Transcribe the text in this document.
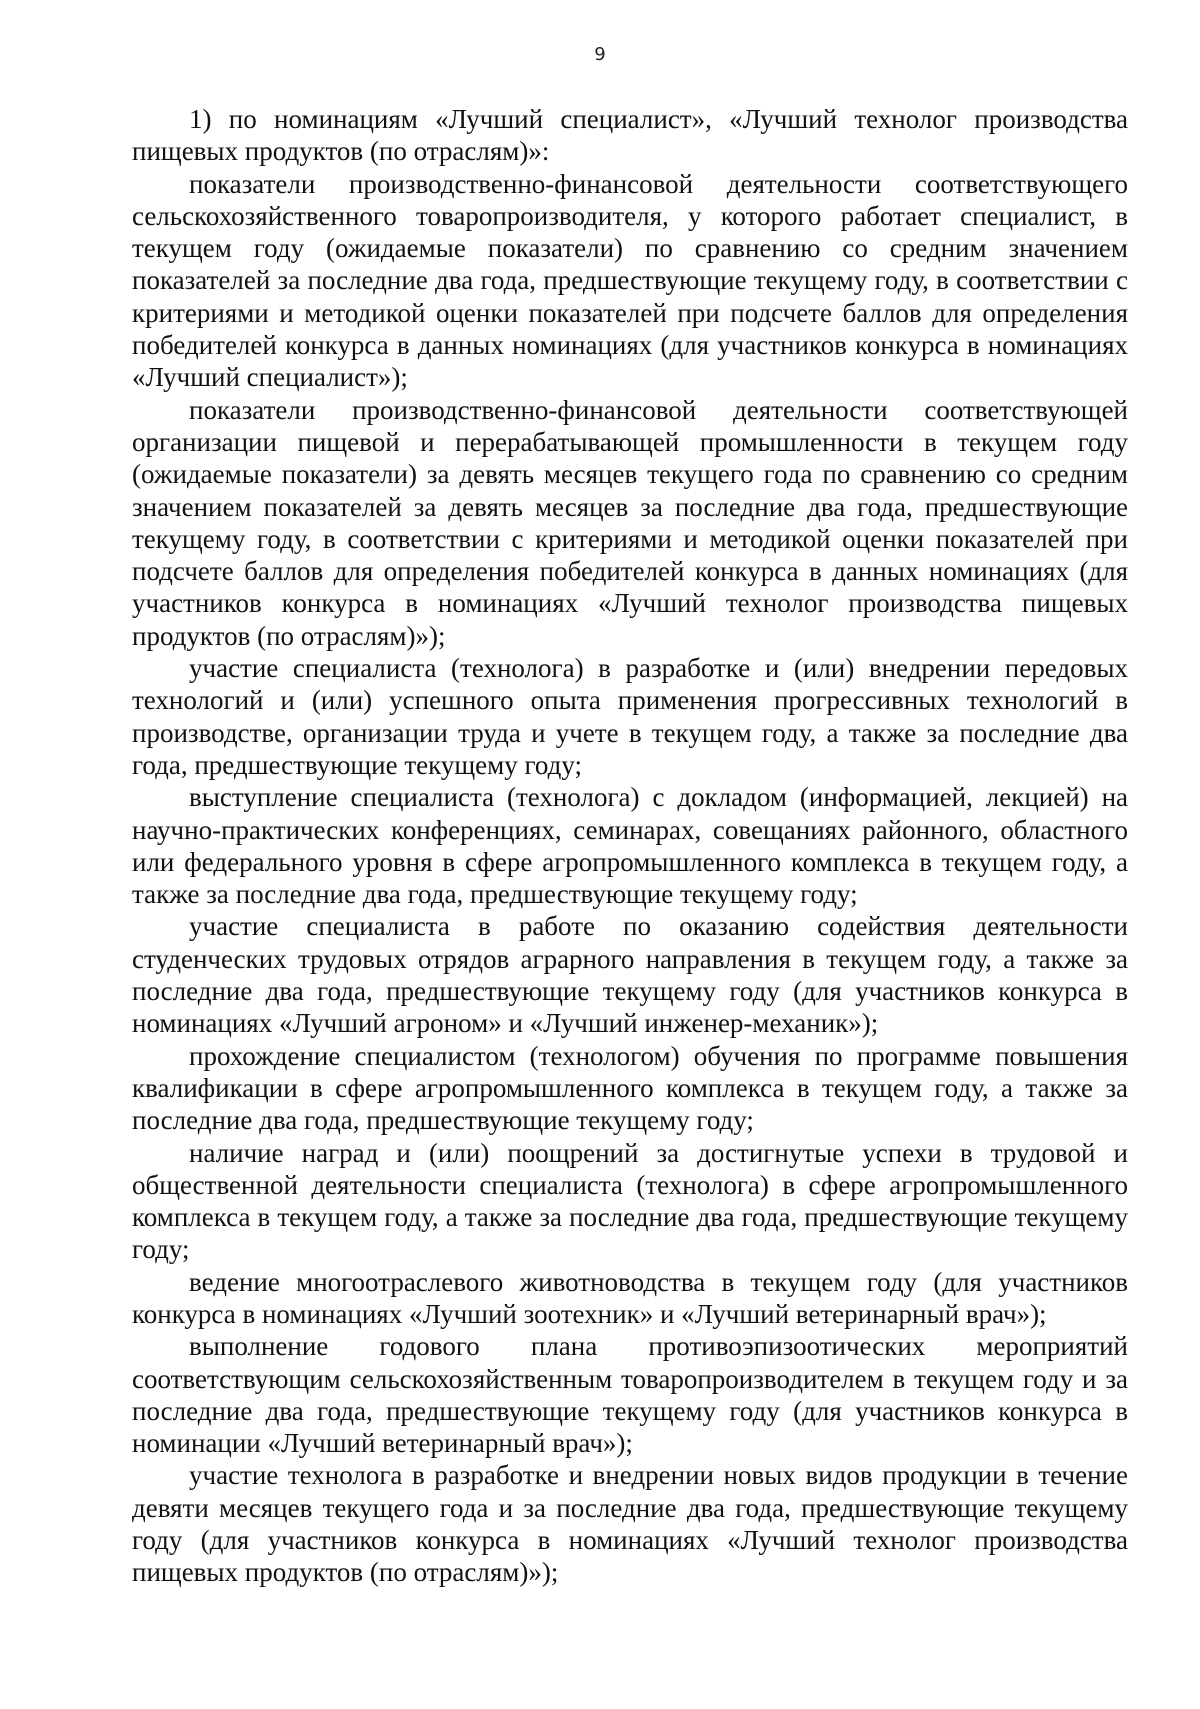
9

1) по номинациям «Лучший специалист», «Лучший технолог производства пищевых продуктов (по отраслям)»:

показатели производственно-финансовой деятельности соответствующего сельскохозяйственного товаропроизводителя, у которого работает специалист, в текущем году (ожидаемые показатели) по сравнению со средним значением показателей за последние два года, предшествующие текущему году, в соответствии с критериями и методикой оценки показателей при подсчете баллов для определения победителей конкурса в данных номинациях (для участников конкурса в номинациях «Лучший специалист»);

показатели производственно-финансовой деятельности соответствующей организации пищевой и перерабатывающей промышленности в текущем году (ожидаемые показатели) за девять месяцев текущего года по сравнению со средним значением показателей за девять месяцев за последние два года, предшествующие текущему году, в соответствии с критериями и методикой оценки показателей при подсчете баллов для определения победителей конкурса в данных номинациях (для участников конкурса в номинациях «Лучший технолог производства пищевых продуктов (по отраслям)»);

участие специалиста (технолога) в разработке и (или) внедрении передовых технологий и (или) успешного опыта применения прогрессивных технологий в производстве, организации труда и учете в текущем году, а также за последние два года, предшествующие текущему году;

выступление специалиста (технолога) с докладом (информацией, лекцией) на научно-практических конференциях, семинарах, совещаниях районного, областного или федерального уровня в сфере агропромышленного комплекса в текущем году, а также за последние два года, предшествующие текущему году;

участие специалиста в работе по оказанию содействия деятельности студенческих трудовых отрядов аграрного направления в текущем году, а также за последние два года, предшествующие текущему году (для участников конкурса в номинациях «Лучший агроном» и «Лучший инженер-механик»);

прохождение специалистом (технологом) обучения по программе повышения квалификации в сфере агропромышленного комплекса в текущем году, а также за последние два года, предшествующие текущему году;

наличие наград и (или) поощрений за достигнутые успехи в трудовой и общественной деятельности специалиста (технолога) в сфере агропромышленного комплекса в текущем году, а также за последние два года, предшествующие текущему году;

ведение многоотраслевого животноводства в текущем году (для участников конкурса в номинациях «Лучший зоотехник» и «Лучший ветеринарный врач»);

выполнение годового плана противоэпизоотических мероприятий соответствующим сельскохозяйственным товаропроизводителем в текущем году и за последние два года, предшествующие текущему году (для участников конкурса в номинации «Лучший ветеринарный врач»);

участие технолога в разработке и внедрении новых видов продукции в течение девяти месяцев текущего года и за последние два года, предшествующие текущему году (для участников конкурса в номинациях «Лучший технолог производства пищевых продуктов (по отраслям)»);
